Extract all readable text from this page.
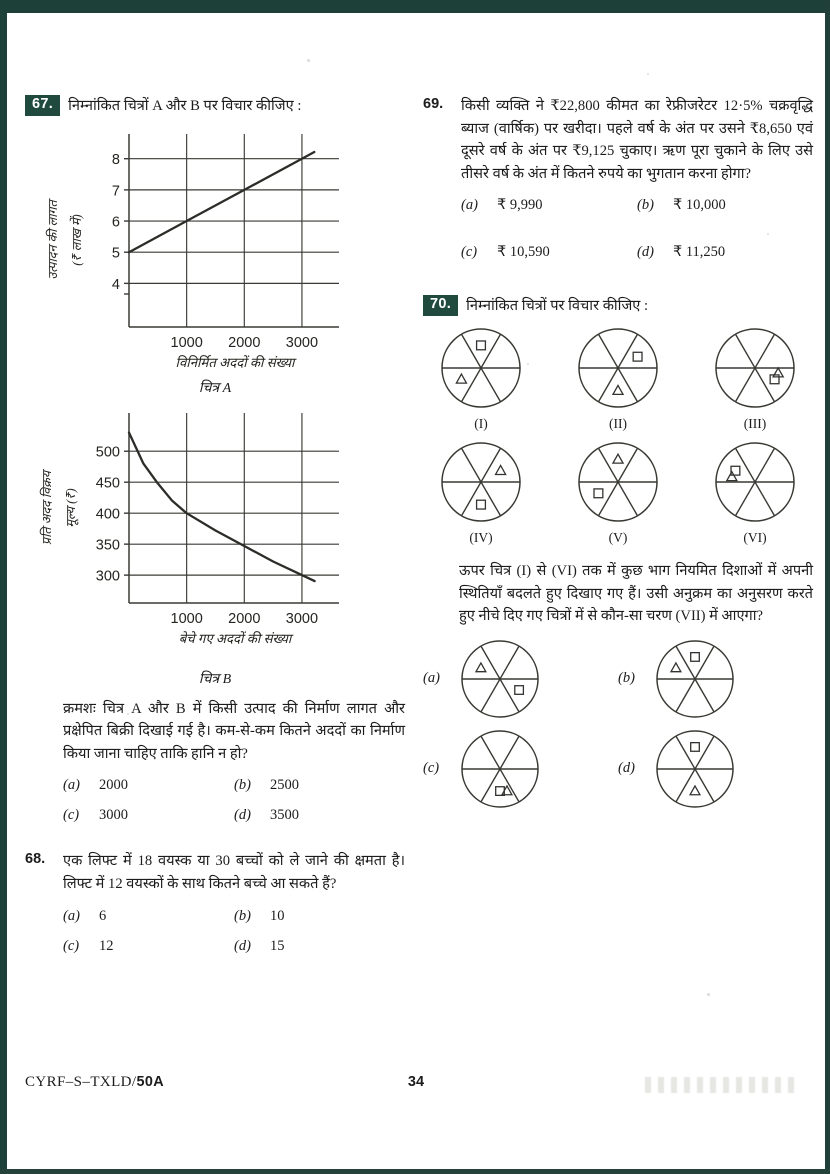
67.	निम्नांकित चित्रों A और B पर विचार कीजिए :
4
5
6
7
8
1000 2000 3000
उत्पादन की लागत (₹ लाख में)
विनिर्मित अददों की संख्या
चित्र A
300
350
400
450
500
1000 2000 3000
प्रति अदद विक्रय मूल्य (₹)
बेचे गए अददों की संख्या
चित्र B
क्रमशः चित्र A और B में किसी उत्पाद की निर्माण लागत और प्रक्षेपित बिक्री दिखाई गई है। कम-से-कम कितने अददों का निर्माण किया जाना चाहिए ताकि हानि न हो?
(a)	2000	(b)	2500
(c)	3000	(d)	3500
68.	एक लिफ्ट में 18 वयस्क या 30 बच्चों को ले जाने की क्षमता है। लिफ्ट में 12 वयस्कों के साथ कितने बच्चे आ सकते हैं?
(a)	6	(b)	10
(c)	12	(d)	15
69.	किसी व्यक्ति ने ₹22,800 कीमत का रेफ्रीजरेटर 12·5% चक्रवृद्धि ब्याज (वार्षिक) पर खरीदा। पहले वर्ष के अंत पर उसने ₹8,650 एवं दूसरे वर्ष के अंत पर ₹9,125 चुकाए। ऋण पूरा चुकाने के लिए उसे तीसरे वर्ष के अंत में कितने रुपये का भुगतान करना होगा?
(a)	₹ 9,990	(b)	₹ 10,000
(c)	₹ 10,590	(d)	₹ 11,250
70.	निम्नांकित चित्रों पर विचार कीजिए :
(I)	(II)	(III)
(IV)	(V)	(VI)
ऊपर चित्र (I) से (VI) तक में कुछ भाग नियमित दिशाओं में अपनी स्थितियाँ बदलते हुए दिखाए गए हैं। उसी अनुक्रम का अनुसरण करते हुए नीचे दिए गए चित्रों में से कौन-सा चरण (VII) में आएगा?
(a)	(b)
(c)	(d)
CYRF–S–TXLD/50A	34
